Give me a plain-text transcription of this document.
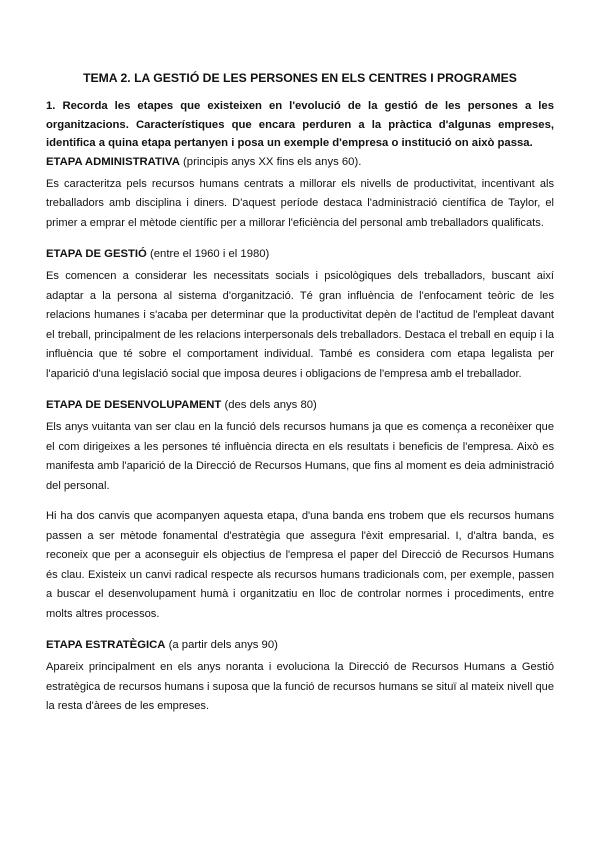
TEMA 2. LA GESTIÓ DE LES PERSONES EN ELS CENTRES I PROGRAMES

1. Recorda les etapes que existeixen en l'evolució de la gestió de les persones a les organitzacions. Característiques que encara perduren a la pràctica d'algunas empreses, identifica a quina etapa pertanyen i posa un exemple d'empresa o institució on això passa.

ETAPA ADMINISTRATIVA (principis anys XX fins els anys 60).

Es caracteritza pels recursos humans centrats a millorar els nivells de productivitat, incentivant als treballadors amb disciplina i diners. D'aquest període destaca l'administració científica de Taylor, el primer a emprar el mètode científic per a millorar l'eficiència del personal amb treballadors qualificats.

ETAPA DE GESTIÓ (entre el 1960 i el 1980)

Es comencen a considerar les necessitats socials i psicològiques dels treballadors, buscant així adaptar a la persona al sistema d'organització. Té gran influència de l'enfocament teòric de les relacions humanes i s'acaba per determinar que la productivitat depèn de l'actitud de l'empleat davant el treball, principalment de les relacions interpersonals dels treballadors. Destaca el treball en equip i la influència que té sobre el comportament individual. També es considera com etapa legalista per l'aparició d'una legislació social que imposa deures i obligacions de l'empresa amb el treballador.

ETAPA DE DESENVOLUPAMENT (des dels anys 80)

Els anys vuitanta van ser clau en la funció dels recursos humans ja que es comença a reconèixer que el com dirigeixes a les persones té influència directa en els resultats i beneficis de l'empresa. Això es manifesta amb l'aparició de la Direcció de Recursos Humans, que fins al moment es deia administració del personal.

Hi ha dos canvis que acompanyen aquesta etapa, d'una banda ens trobem que els recursos humans passen a ser mètode fonamental d'estratègia que assegura l'èxit empresarial. I, d'altra banda, es reconeix que per a aconseguir els objectius de l'empresa el paper del Direcció de Recursos Humans és clau. Existeix un canvi radical respecte als recursos humans tradicionals com, per exemple, passen a buscar el desenvolupament humà i organitzatiu en lloc de controlar normes i procediments, entre molts altres processos.

ETAPA ESTRATÈGICA (a partir dels anys 90)

Apareix principalment en els anys noranta i evoluciona la Direcció de Recursos Humans a Gestió estratègica de recursos humans i suposa que la funció de recursos humans se situï al mateix nivell que la resta d'àrees de les empreses.
